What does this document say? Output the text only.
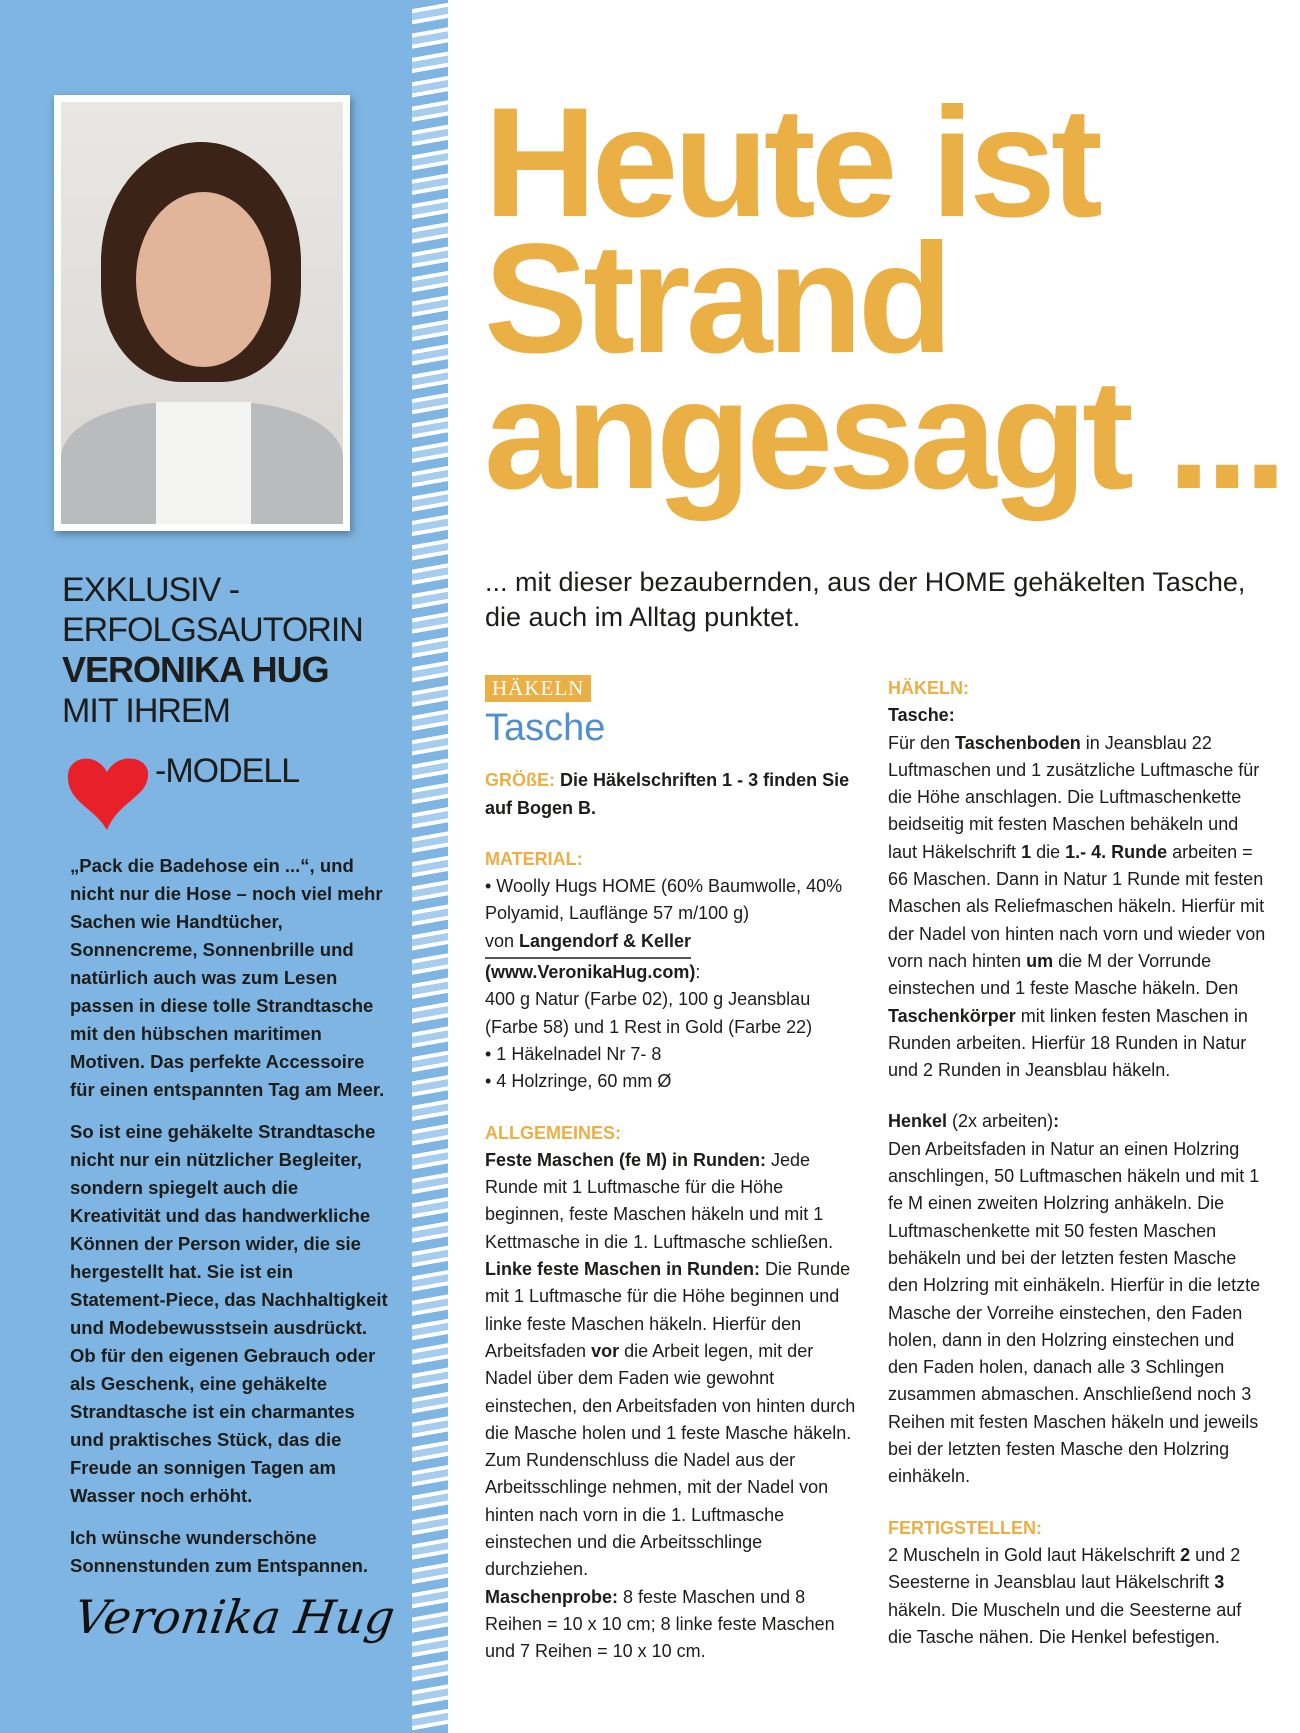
EXKLUSIV -
ERFOLGSAUTORIN
VERONIKA HUG
MIT IHREM
-MODELL

„Pack die Badehose ein ...“, und nicht nur die Hose – noch viel mehr Sachen wie Handtücher, Sonnencreme, Sonnenbrille und natürlich auch was zum Lesen passen in diese tolle Strandtasche mit den hübschen maritimen Motiven. Das perfekte Accessoire für einen entspannten Tag am Meer.

So ist eine gehäkelte Strandtasche nicht nur ein nützlicher Begleiter, sondern spiegelt auch die Kreativität und das handwerkliche Können der Person wider, die sie hergestellt hat. Sie ist ein Statement-Piece, das Nachhaltigkeit und Modebewusstsein ausdrückt. Ob für den eigenen Gebrauch oder als Geschenk, eine gehäkelte Strandtasche ist ein charmantes und praktisches Stück, das die Freude an sonnigen Tagen am Wasser noch erhöht.

Ich wünsche wunderschöne Sonnenstunden zum Entspannen.

Veronika Hug
Heute ist
Strand
angesagt ...
... mit dieser bezaubernden, aus der HOME gehäkelten Tasche, die auch im Alltag punktet.
HÄKELN
Tasche
GRÖßE: Die Häkelschriften 1 - 3 finden Sie auf Bogen B.
MATERIAL:
• Woolly Hugs HOME (60% Baumwolle, 40% Polyamid, Lauflänge 57 m/100 g)
von Langendorf & Keller
(www.VeronikaHug.com):
400 g Natur (Farbe 02), 100 g Jeansblau (Farbe 58) und 1 Rest in Gold (Farbe 22)
• 1 Häkelnadel Nr 7- 8
• 4 Holzringe, 60 mm Ø
ALLGEMEINES:
Feste Maschen (fe M) in Runden: Jede Runde mit 1 Luftmasche für die Höhe beginnen, feste Maschen häkeln und mit 1 Kettmasche in die 1. Luftmasche schließen.
Linke feste Maschen in Runden: Die Runde mit 1 Luftmasche für die Höhe beginnen und linke feste Maschen häkeln. Hierfür den Arbeitsfaden vor die Arbeit legen, mit der Nadel über dem Faden wie gewohnt einstechen, den Arbeitsfaden von hinten durch die Masche holen und 1 feste Masche häkeln. Zum Rundenschluss die Nadel aus der Arbeitsschlinge nehmen, mit der Nadel von hinten nach vorn in die 1. Luftmasche einstechen und die Arbeitsschlinge durchziehen.
Maschenprobe: 8 feste Maschen und 8 Reihen = 10 x 10 cm; 8 linke feste Maschen und 7 Reihen = 10 x 10 cm.
HÄKELN:
Tasche:
Für den Taschenboden in Jeansblau 22 Luftmaschen und 1 zusätzliche Luftmasche für die Höhe anschlagen. Die Luftmaschenkette beidseitig mit festen Maschen behäkeln und laut Häkelschrift 1 die 1.- 4. Runde arbeiten = 66 Maschen. Dann in Natur 1 Runde mit festen Maschen als Reliefmaschen häkeln. Hierfür mit der Nadel von hinten nach vorn und wieder von vorn nach hinten um die M der Vorrunde einstechen und 1 feste Masche häkeln. Den Taschenkörper mit linken festen Maschen in Runden arbeiten. Hierfür 18 Runden in Natur und 2 Runden in Jeansblau häkeln.
Henkel (2x arbeiten):
Den Arbeitsfaden in Natur an einen Holzring anschlingen, 50 Luftmaschen häkeln und mit 1 fe M einen zweiten Holzring anhäkeln. Die Luftmaschenkette mit 50 festen Maschen behäkeln und bei der letzten festen Masche den Holzring mit einhäkeln. Hierfür in die letzte Masche der Vorreihe einstechen, den Faden holen, dann in den Holzring einstechen und den Faden holen, danach alle 3 Schlingen zusammen abmaschen. Anschließend noch 3 Reihen mit festen Maschen häkeln und jeweils bei der letzten festen Masche den Holzring einhäkeln.
FERTIGSTELLEN:
2 Muscheln in Gold laut Häkelschrift 2 und 2 Seesterne in Jeansblau laut Häkelschrift 3 häkeln. Die Muscheln und die Seesterne auf die Tasche nähen. Die Henkel befestigen.
